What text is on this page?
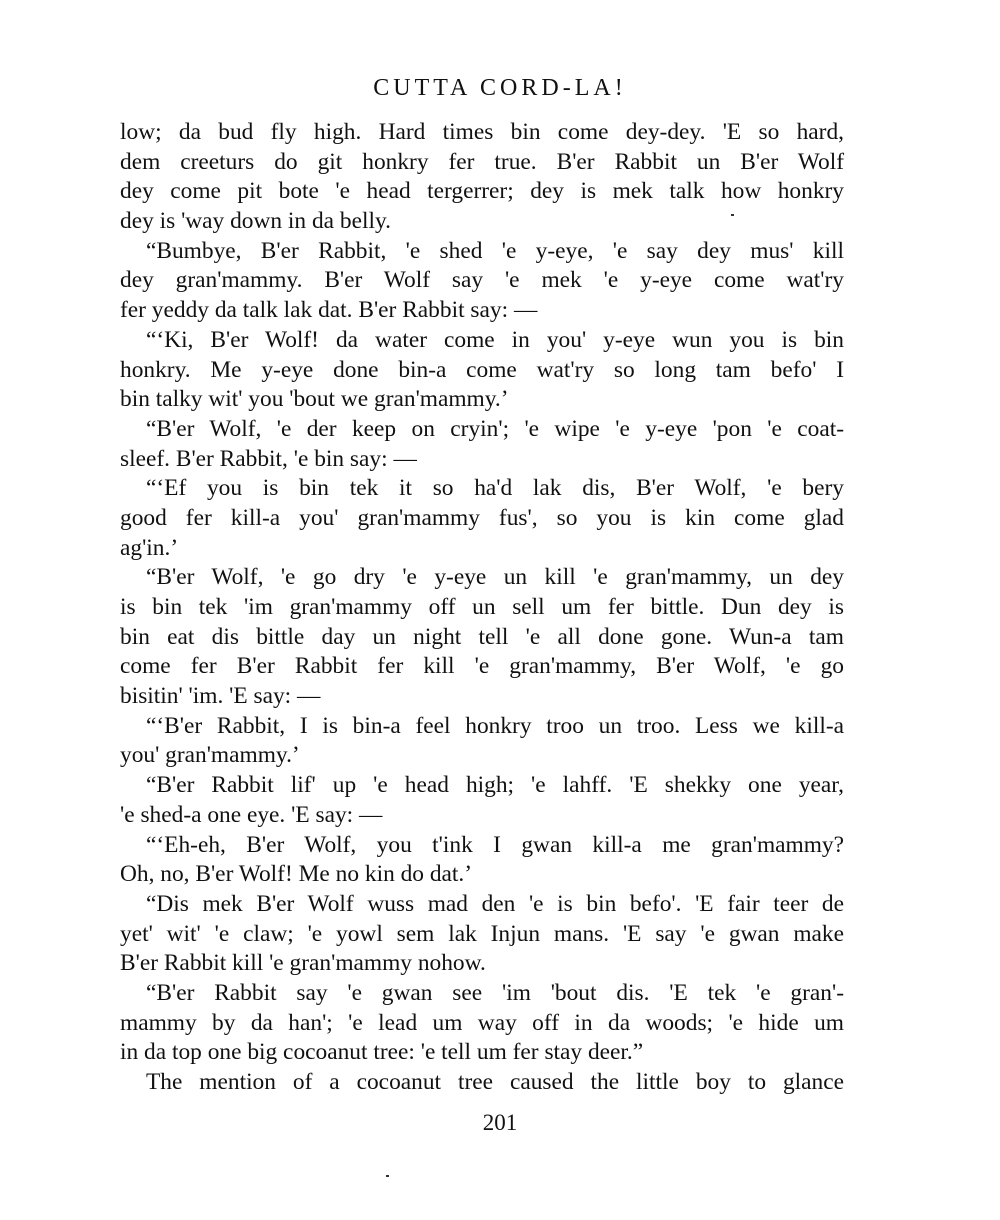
CUTTA CORD-LA!
low; da bud fly high. Hard times bin come dey-dey. 'E so hard,
dem creeturs do git honkry fer true. B'er Rabbit un B'er Wolf
dey come pit bote 'e head tergerrer; dey is mek talk how honkry
dey is 'way down in da belly.
“Bumbye, B'er Rabbit, 'e shed 'e y-eye, 'e say dey mus' kill
dey gran'mammy. B'er Wolf say 'e mek 'e y-eye come wat'ry
fer yeddy da talk lak dat. B'er Rabbit say: —
“‘Ki, B'er Wolf! da water come in you' y-eye wun you is bin
honkry. Me y-eye done bin-a come wat'ry so long tam befo' I
bin talky wit' you 'bout we gran'mammy.’
“B'er Wolf, 'e der keep on cryin'; 'e wipe 'e y-eye 'pon 'e coat-
sleef. B'er Rabbit, 'e bin say: —
“‘Ef you is bin tek it so ha'd lak dis, B'er Wolf, 'e bery
good fer kill-a you' gran'mammy fus', so you is kin come glad
ag'in.’
“B'er Wolf, 'e go dry 'e y-eye un kill 'e gran'mammy, un dey
is bin tek 'im gran'mammy off un sell um fer bittle. Dun dey is
bin eat dis bittle day un night tell 'e all done gone. Wun-a tam
come fer B'er Rabbit fer kill 'e gran'mammy, B'er Wolf, 'e go
bisitin' 'im. 'E say: —
“‘B'er Rabbit, I is bin-a feel honkry troo un troo. Less we kill-a
you' gran'mammy.’
“B'er Rabbit lif' up 'e head high; 'e lahff. 'E shekky one year,
'e shed-a one eye. 'E say: —
“‘Eh-eh, B'er Wolf, you t'ink I gwan kill-a me gran'mammy?
Oh, no, B'er Wolf! Me no kin do dat.’
“Dis mek B'er Wolf wuss mad den 'e is bin befo'. 'E fair teer de
yet' wit' 'e claw; 'e yowl sem lak Injun mans. 'E say 'e gwan make
B'er Rabbit kill 'e gran'mammy nohow.
“B'er Rabbit say 'e gwan see 'im 'bout dis. 'E tek 'e gran'-
mammy by da han'; 'e lead um way off in da woods; 'e hide um
in da top one big cocoanut tree: 'e tell um fer stay deer.”
The mention of a cocoanut tree caused the little boy to glance
201
